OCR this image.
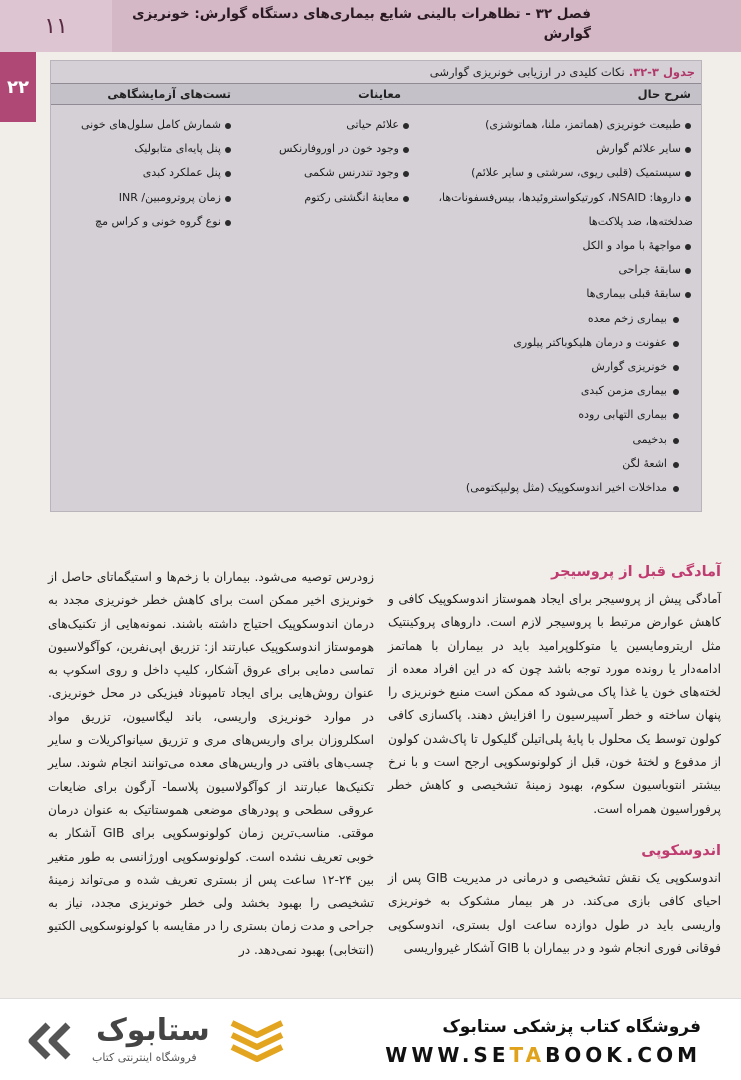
۱۱	فصل ۳۲ - تظاهرات بالینی شایع بیماری‌های دستگاه گوارش: خونریزی گوارش
۲۲
جدول ۳-۳۲.
نکات کلیدی در ارزیابی خونریزی گوارشی
شرح حال
معاینات
تست‌های آزمایشگاهی
طبیعت خونریزی (هماتمز، ملنا، هماتوشزی)
سایر علائم گوارش
سیستمیک (قلبی ریوی، سرشتی و سایر علائم)
داروها: NSAID، کورتیکواستروئیدها، بیس‌فسفونات‌ها،
ضدلخته‌ها، ضد پلاکت‌ها
مواجههٔ با مواد و الکل
سابقهٔ جراحی
سابقهٔ قبلی بیماری‌ها
بیماری زخم معده
عفونت و درمان هلیکوباکتر پیلوری
خونریزی گوارش
بیماری مزمن کبدی
بیماری التهابی روده
بدخیمی
اشعهٔ لگن
مداخلات اخیر اندوسکوپیک (مثل پولیپکتومی)
علائم حیاتی
وجود خون در اوروفارنکس
وجود تندرنس شکمی
معاینهٔ انگشتی رکتوم
شمارش کامل سلول‌های خونی
پنل پایه‌ای متابولیک
پنل عملکرد کبدی
زمان پروترومبین/ INR
نوع گروه خونی و کراس مچ
آمادگی قبل از پروسیجر

آمادگی پیش از پروسیجر برای ایجاد هموستاز اندوسکوپیک کافی و کاهش عوارض مرتبط با پروسیجر لازم است. داروهای پروکینتیک مثل اریترومایسین یا متوکلوپرامید باید در بیماران با هماتمز ادامه‌دار یا رونده مورد توجه باشد چون که در این افراد معده از لخته‌های خون یا غذا پاک می‌شود که ممکن است منبع خونریزی را پنهان ساخته و خطر آسپیرسیون را افزایش دهند. پاکسازی کافی کولون توسط یک محلول با پایهٔ پلی‌اتیلن گلیکول تا پاک‌شدن کولون از مدفوع و لختهٔ خون، قبل از کولونوسکوپی ارجح است و با نرخ بیشتر انتوباسیون سکوم، بهبود زمینهٔ تشخیصی و کاهش خطر پرفوراسیون همراه است.

اندوسکوپی

اندوسکوپی یک نقش تشخیصی و درمانی در مدیریت GIB پس از احیای کافی بازی می‌کند. در هر بیمار مشکوک به خونریزی واریسی باید در طول دوازده ساعت اول بستری، اندوسکوپی فوقانی فوری انجام شود و در بیماران با GIB آشکار غیرواریسی

زودرس توصیه می‌شود. بیماران با زخم‌ها و استیگماتای حاصل از خونریزی اخیر ممکن است برای کاهش خطر خونریزی مجدد به درمان اندوسکوپیک احتیاج داشته باشند. نمونه‌هایی از تکنیک‌های هوموستاز اندوسکوپیک عبارتند از: تزریق اپی‌نفرین، کوآگولاسیون تماسی دمایی برای عروق آشکار، کلیپ داخل و روی اسکوپ به عنوان روش‌هایی برای ایجاد تامپوناد فیزیکی در محل خونریزی. در موارد خونریزی واریسی، باند لیگاسیون، تزریق مواد اسکلروزان برای واریس‌های مری و تزریق سیانواکریلات و سایر چسب‌های بافتی در واریس‌های معده می‌توانند انجام شوند. سایر تکنیک‌ها عبارتند از کوآگولاسیون پلاسما- آرگون برای ضایعات عروقی سطحی و پودرهای موضعی هموستاتیک به عنوان درمان موقتی. مناسب‌ترین زمان کولونوسکوپی برای GIB آشکار به خوبی تعریف نشده است. کولونوسکوپی اورژانسی به طور متغیر بین ۲۴-۱۲ ساعت پس از بستری تعریف شده و می‌تواند زمینهٔ تشخیصی را بهبود بخشد ولی خطر خونریزی مجدد، نیاز به جراحی و مدت زمان بستری را در مقایسه با کولونوسکوپی الکتیو (انتخابی) بهبود نمی‌دهد. در

فروشگاه کتاب پزشکی ستابوک
WWW.SETABOOK.COM
ستابوک
فروشگاه اینترنتی کتاب
